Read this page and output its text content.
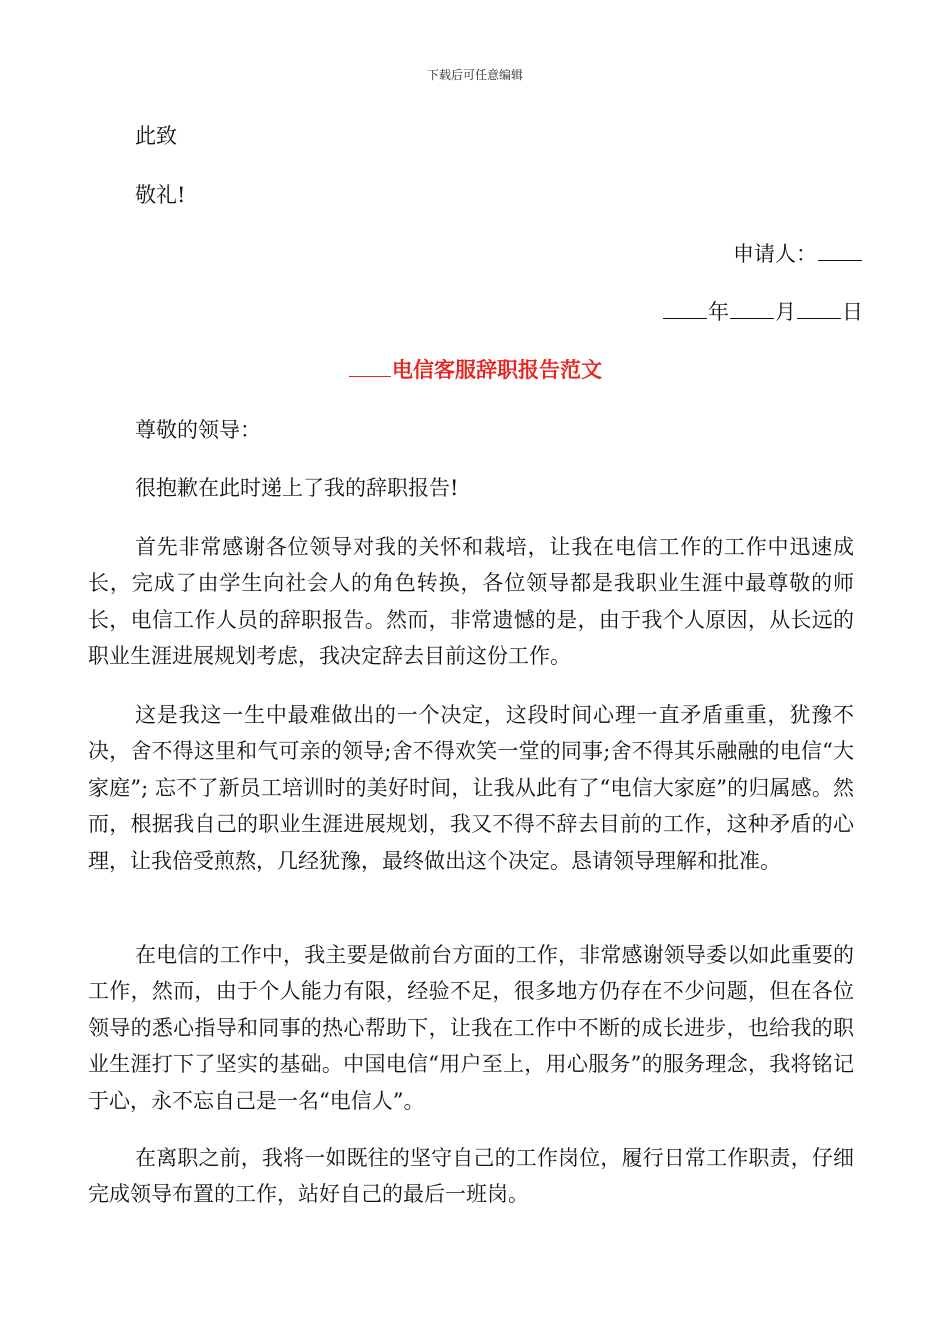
下载后可任意编辑
此致
敬礼!
申请人：
年 月 日
电信客服辞职报告范文
尊敬的领导：
很抱歉在此时递上了我的辞职报告!
首先非常感谢各位领导对我的关怀和栽培，让我在电信工作的工作中迅速成长，完成了由学生向社会人的角色转换，各位领导都是我职业生涯中最尊敬的师长，电信工作人员的辞职报告。然而，非常遗憾的是，由于我个人原因，从长远的职业生涯进展规划考虑，我决定辞去目前这份工作。
这是我这一生中最难做出的一个决定，这段时间心理一直矛盾重重，犹豫不决，舍不得这里和气可亲的领导;舍不得欢笑一堂的同事;舍不得其乐融融的电信“大家庭”; 忘不了新员工培训时的美好时间，让我从此有了“电信大家庭”的归属感。然而，根据我自己的职业生涯进展规划，我又不得不辞去目前的工作，这种矛盾的心理，让我倍受煎熬，几经犹豫，最终做出这个决定。恳请领导理解和批准。
在电信的工作中，我主要是做前台方面的工作，非常感谢领导委以如此重要的工作，然而，由于个人能力有限，经验不足，很多地方仍存在不少问题，但在各位领导的悉心指导和同事的热心帮助下，让我在工作中不断的成长进步，也给我的职业生涯打下了坚实的基础。中国电信“用户至上，用心服务”的服务理念，我将铭记于心，永不忘自己是一名“电信人”。
在离职之前，我将一如既往的坚守自己的工作岗位，履行日常工作职责，仔细完成领导布置的工作，站好自己的最后一班岗。
